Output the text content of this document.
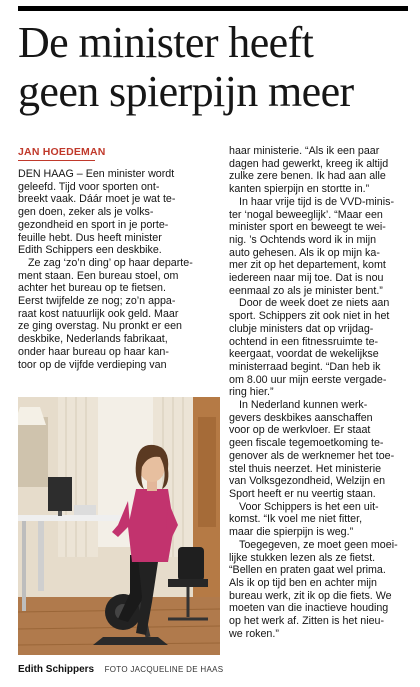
De minister heeft
geen spierpijn meer
JAN HOEDEMAN
DEN HAAG – Een minister wordt
geleefd. Tijd voor sporten ont-
breekt vaak. Dáár moet je wat te-
gen doen, zeker als je volks-
gezondheid en sport in je porte-
feuille hebt. Dus heeft minister
Edith Schippers een deskbike.
Ze zag ‘zo’n ding’ op haar departe-
ment staan. Een bureau stoel, om
achter het bureau op te fietsen.
Eerst twijfelde ze nog; zo’n appa-
raat kost natuurlijk ook geld. Maar
ze ging overstag. Nu pronkt er een
deskbike, Nederlands fabrikaat,
onder haar bureau op haar kan-
toor op de vijfde verdieping van
haar ministerie. “Als ik een paar
dagen had gewerkt, kreeg ik altijd
zulke zere benen. Ik had aan alle
kanten spierpijn en stortte in.”
In haar vrije tijd is de VVD-minis-
ter ‘nogal beweeglijk’. “Maar een
minister sport en beweegt te wei-
nig. ’s Ochtends word ik in mijn
auto gehesen. Als ik op mijn ka-
mer zit op het departement, komt
iedereen naar mij toe. Dat is nou
eenmaal zo als je minister bent.”
Door de week doet ze niets aan
sport. Schippers zit ook niet in het
clubje ministers dat op vrijdag-
ochtend in een fitnessruimte te-
keergaat, voordat de wekelijkse
ministerraad begint. “Dan heb ik
om 8.00 uur mijn eerste vergade-
ring hier.”
In Nederland kunnen werk-
gevers deskbikes aanschaffen
voor op de werkvloer. Er staat
geen fiscale tegemoetkoming te-
genover als de werknemer het toe-
stel thuis neerzet. Het ministerie
van Volksgezondheid, Welzijn en
Sport heeft er nu veertig staan.
Voor Schippers is het een uit-
komst. “Ik voel me niet fitter,
maar die spierpijn is weg.”
Toegegeven, ze moet geen moei-
lijke stukken lezen als ze fietst.
“Bellen en praten gaat wel prima.
Als ik op tijd ben en achter mijn
bureau werk, zit ik op die fiets. We
moeten van die inactieve houding
op het werk af. Zitten is het nieu-
we roken.”
Edith Schippers FOTO JACQUELINE DE HAAS
